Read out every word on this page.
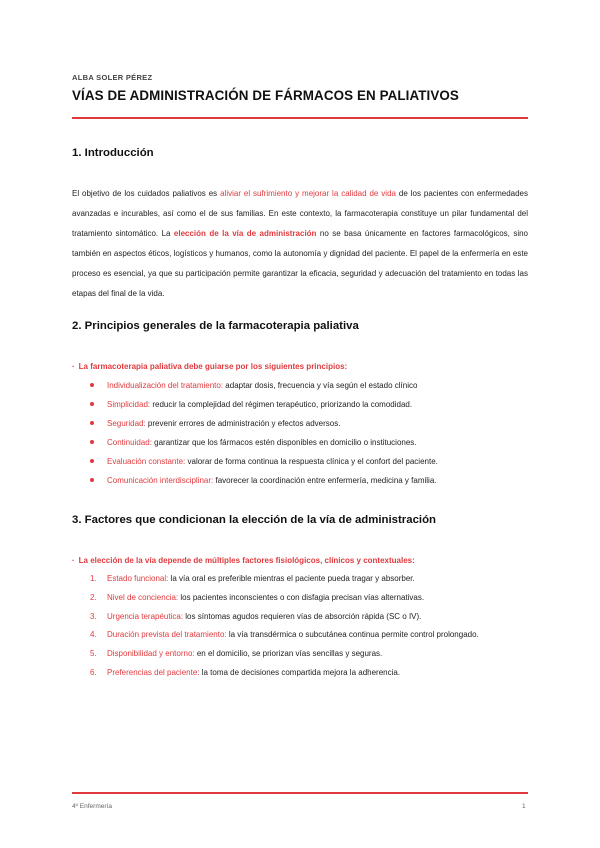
ALBA SOLER PÉREZ
VÍAS DE ADMINISTRACIÓN DE FÁRMACOS EN PALIATIVOS
1. Introducción
El objetivo de los cuidados paliativos es aliviar el sufrimiento y mejorar la calidad de vida de los pacientes con enfermedades avanzadas e incurables, así como el de sus familias. En este contexto, la farmacoterapia constituye un pilar fundamental del tratamiento sintomático. La elección de la vía de administración no se basa únicamente en factores farmacológicos, sino también en aspectos éticos, logísticos y humanos, como la autonomía y dignidad del paciente. El papel de la enfermería en este proceso es esencial, ya que su participación permite garantizar la eficacia, seguridad y adecuación del tratamiento en todas las etapas del final de la vida.
2. Principios generales de la farmacoterapia paliativa
· La farmacoterapia paliativa debe guiarse por los siguientes principios:
Individualización del tratamiento: adaptar dosis, frecuencia y vía según el estado clínico
Simplicidad: reducir la complejidad del régimen terapéutico, priorizando la comodidad.
Seguridad: prevenir errores de administración y efectos adversos.
Continuidad: garantizar que los fármacos estén disponibles en domicilio o instituciones.
Evaluación constante: valorar de forma continua la respuesta clínica y el confort del paciente.
Comunicación interdisciplinar: favorecer la coordinación entre enfermería, medicina y familia.
3. Factores que condicionan la elección de la vía de administración
· La elección de la vía depende de múltiples factores fisiológicos, clínicos y contextuales:
1. Estado funcional: la vía oral es preferible mientras el paciente pueda tragar y absorber.
2. Nivel de conciencia: los pacientes inconscientes o con disfagia precisan vías alternativas.
3. Urgencia terapéutica: los síntomas agudos requieren vías de absorción rápida (SC o IV).
4. Duración prevista del tratamiento: la vía transdérmica o subcutánea continua permite control prolongado.
5. Disponibilidad y entorno: en el domicilio, se priorizan vías sencillas y seguras.
6. Preferencias del paciente: la toma de decisiones compartida mejora la adherencia.
4º Enfermería	1
